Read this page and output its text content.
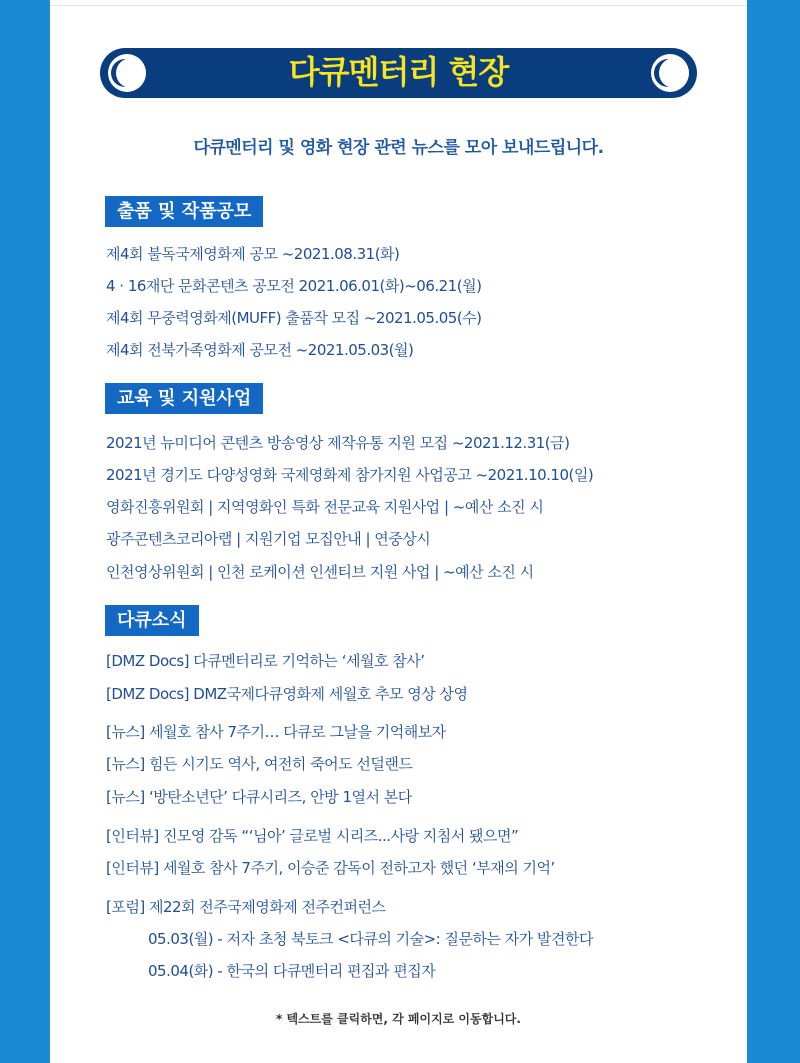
다큐멘터리 현장
다큐멘터리 및 영화 현장 관련 뉴스를 모아 보내드립니다.
출품 및 작품공모
제4회 불독국제영화제 공모 ~2021.08.31(화)
4 · 16재단 문화콘텐츠 공모전 2021.06.01(화)~06.21(월)
제4회 무중력영화제(MUFF) 출품작 모집 ~2021.05.05(수)
제4회 전북가족영화제 공모전 ~2021.05.03(월)
교육 및 지원사업
2021년 뉴미디어 콘텐츠 방송영상 제작유통 지원 모집 ~2021.12.31(금)
2021년 경기도 다양성영화 국제영화제 참가지원 사업공고 ~2021.10.10(일)
영화진흥위원회 | 지역영화인 특화 전문교육 지원사업 | ~예산 소진 시
광주콘텐츠코리아랩 | 지원기업 모집안내 | 연중상시
인천영상위원회 | 인천 로케이션 인센티브 지원 사업 | ~예산 소진 시
다큐소식
[DMZ Docs] 다큐멘터리로 기억하는 ‘세월호 참사’
[DMZ Docs] DMZ국제다큐영화제 세월호 추모 영상 상영
[뉴스] 세월호 참사 7주기… 다큐로 그날을 기억해보자
[뉴스] 힘든 시기도 역사, 여전히 죽어도 선덜랜드
[뉴스] ‘방탄소년단’ 다큐시리즈, 안방 1열서 본다
[인터뷰] 진모영 감독 “‘님아’ 글로벌 시리즈...사랑 지침서 됐으면”
[인터뷰] 세월호 참사 7주기, 이승준 감독이 전하고자 했던 ‘부재의 기억’
[포럼] 제22회 전주국제영화제 전주컨퍼런스
05.03(월) - 저자 초청 북토크 <다큐의 기술>: 질문하는 자가 발견한다
05.04(화) - 한국의 다큐멘터리 편집과 편집자
* 텍스트를 클릭하면, 각 페이지로 이동합니다.
